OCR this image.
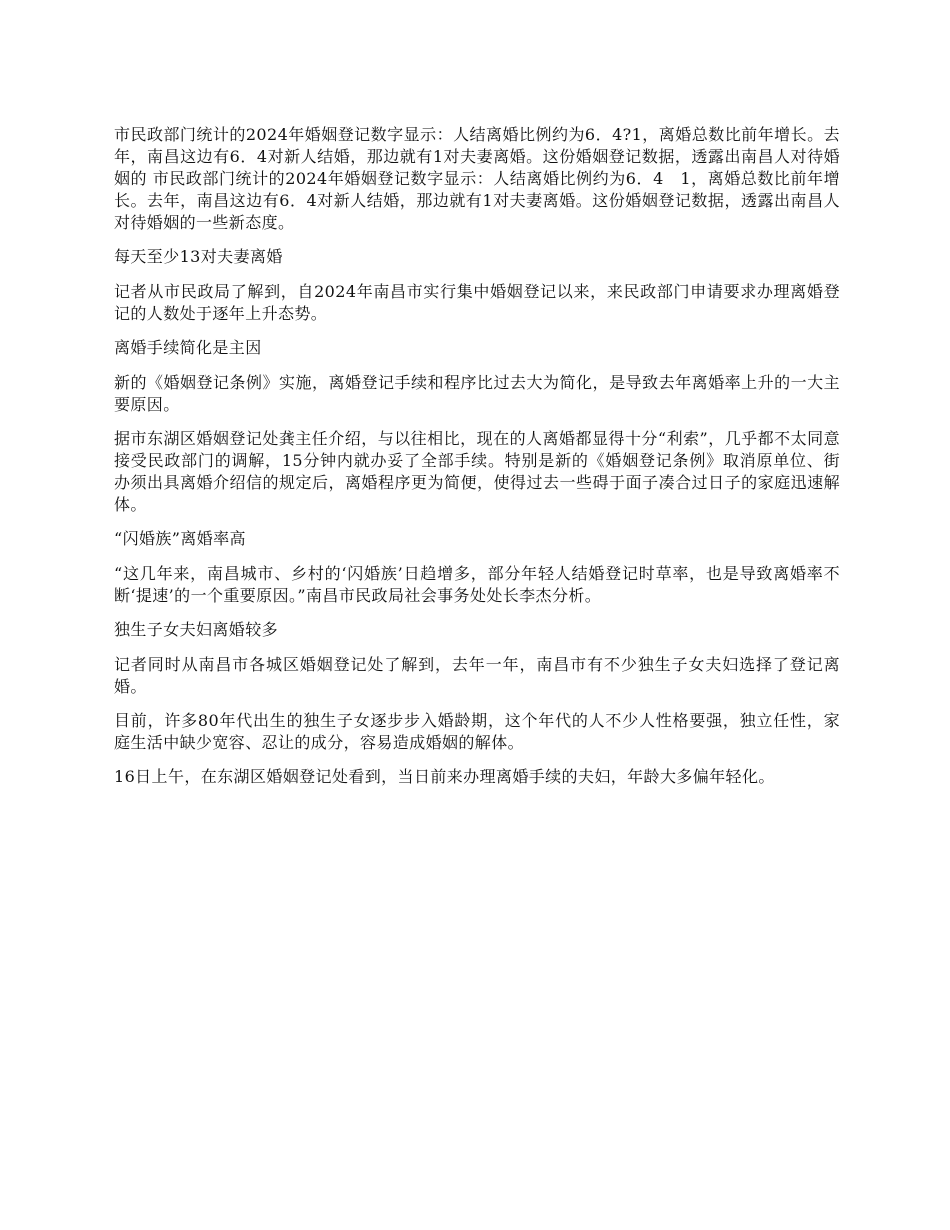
市民政部门统计的2024年婚姻登记数字显示：人结离婚比例约为6．4?1，离婚总数比前年增长。去年，南昌这边有6．4对新人结婚，那边就有1对夫妻离婚。这份婚姻登记数据，透露出南昌人对待婚姻的 市民政部门统计的2024年婚姻登记数字显示：人结离婚比例约为6．4　1，离婚总数比前年增长。去年，南昌这边有6．4对新人结婚，那边就有1对夫妻离婚。这份婚姻登记数据，透露出南昌人对待婚姻的一些新态度。

每天至少13对夫妻离婚

记者从市民政局了解到，自2024年南昌市实行集中婚姻登记以来，来民政部门申请要求办理离婚登记的人数处于逐年上升态势。

离婚手续简化是主因

新的《婚姻登记条例》实施，离婚登记手续和程序比过去大为简化，是导致去年离婚率上升的一大主要原因。

据市东湖区婚姻登记处龚主任介绍，与以往相比，现在的人离婚都显得十分“利索”，几乎都不太同意接受民政部门的调解，15分钟内就办妥了全部手续。特别是新的《婚姻登记条例》取消原单位、街办须出具离婚介绍信的规定后，离婚程序更为简便，使得过去一些碍于面子凑合过日子的家庭迅速解体。

“闪婚族”离婚率高

“这几年来，南昌城市、乡村的‘闪婚族’日趋增多，部分年轻人结婚登记时草率，也是导致离婚率不断‘提速’的一个重要原因。”南昌市民政局社会事务处处长李杰分析。

独生子女夫妇离婚较多

记者同时从南昌市各城区婚姻登记处了解到，去年一年，南昌市有不少独生子女夫妇选择了登记离婚。

目前，许多80年代出生的独生子女逐步步入婚龄期，这个年代的人不少人性格要强，独立任性，家庭生活中缺少宽容、忍让的成分，容易造成婚姻的解体。

16日上午，在东湖区婚姻登记处看到，当日前来办理离婚手续的夫妇，年龄大多偏年轻化。
